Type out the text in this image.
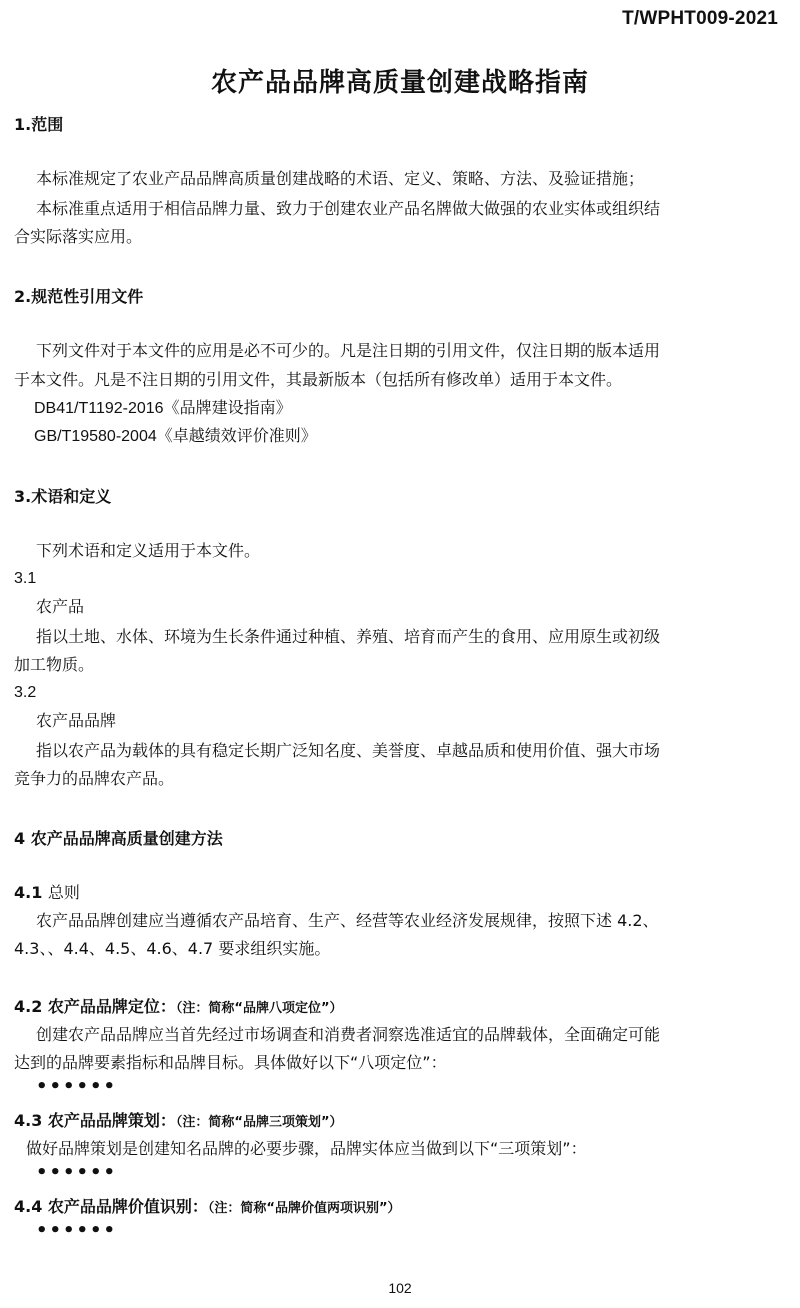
T/WPHT009-2021
农产品品牌高质量创建战略指南
1.范围
本标准规定了农业产品品牌高质量创建战略的术语、定义、策略、方法、及验证措施；
本标准重点适用于相信品牌力量、致力于创建农业产品名牌做大做强的农业实体或组织结
合实际落实应用。
2.规范性引用文件
下列文件对于本文件的应用是必不可少的。凡是注日期的引用文件，仅注日期的版本适用
于本文件。凡是不注日期的引用文件，其最新版本（包括所有修改单）适用于本文件。
DB41/T1192-2016《品牌建设指南》
GB/T19580-2004《卓越绩效评价准则》
3.术语和定义
下列术语和定义适用于本文件。
3.1
农产品
指以土地、水体、环境为生长条件通过种植、养殖、培育而产生的食用、应用原生或初级
加工物质。
3.2
农产品品牌
指以农产品为载体的具有稳定长期广泛知名度、美誉度、卓越品质和使用价值、强大市场
竞争力的品牌农产品。
4 农产品品牌高质量创建方法
4.1 总则
农产品品牌创建应当遵循农产品培育、生产、经营等农业经济发展规律，按照下述 4.2、
4.3、、4.4、4.5、4.6、4.7 要求组织实施。
4.2 农产品品牌定位：（注：简称“品牌八项定位”）
创建农产品品牌应当首先经过市场调查和消费者洞察选准适宜的品牌载体，全面确定可能
达到的品牌要素指标和品牌目标。具体做好以下“八项定位”：
••••••
4.3 农产品品牌策划：（注：简称“品牌三项策划”）
做好品牌策划是创建知名品牌的必要步骤，品牌实体应当做到以下“三项策划”：
••••••
4.4 农产品品牌价值识别：（注：简称“品牌价值两项识别”）
••••••
102
